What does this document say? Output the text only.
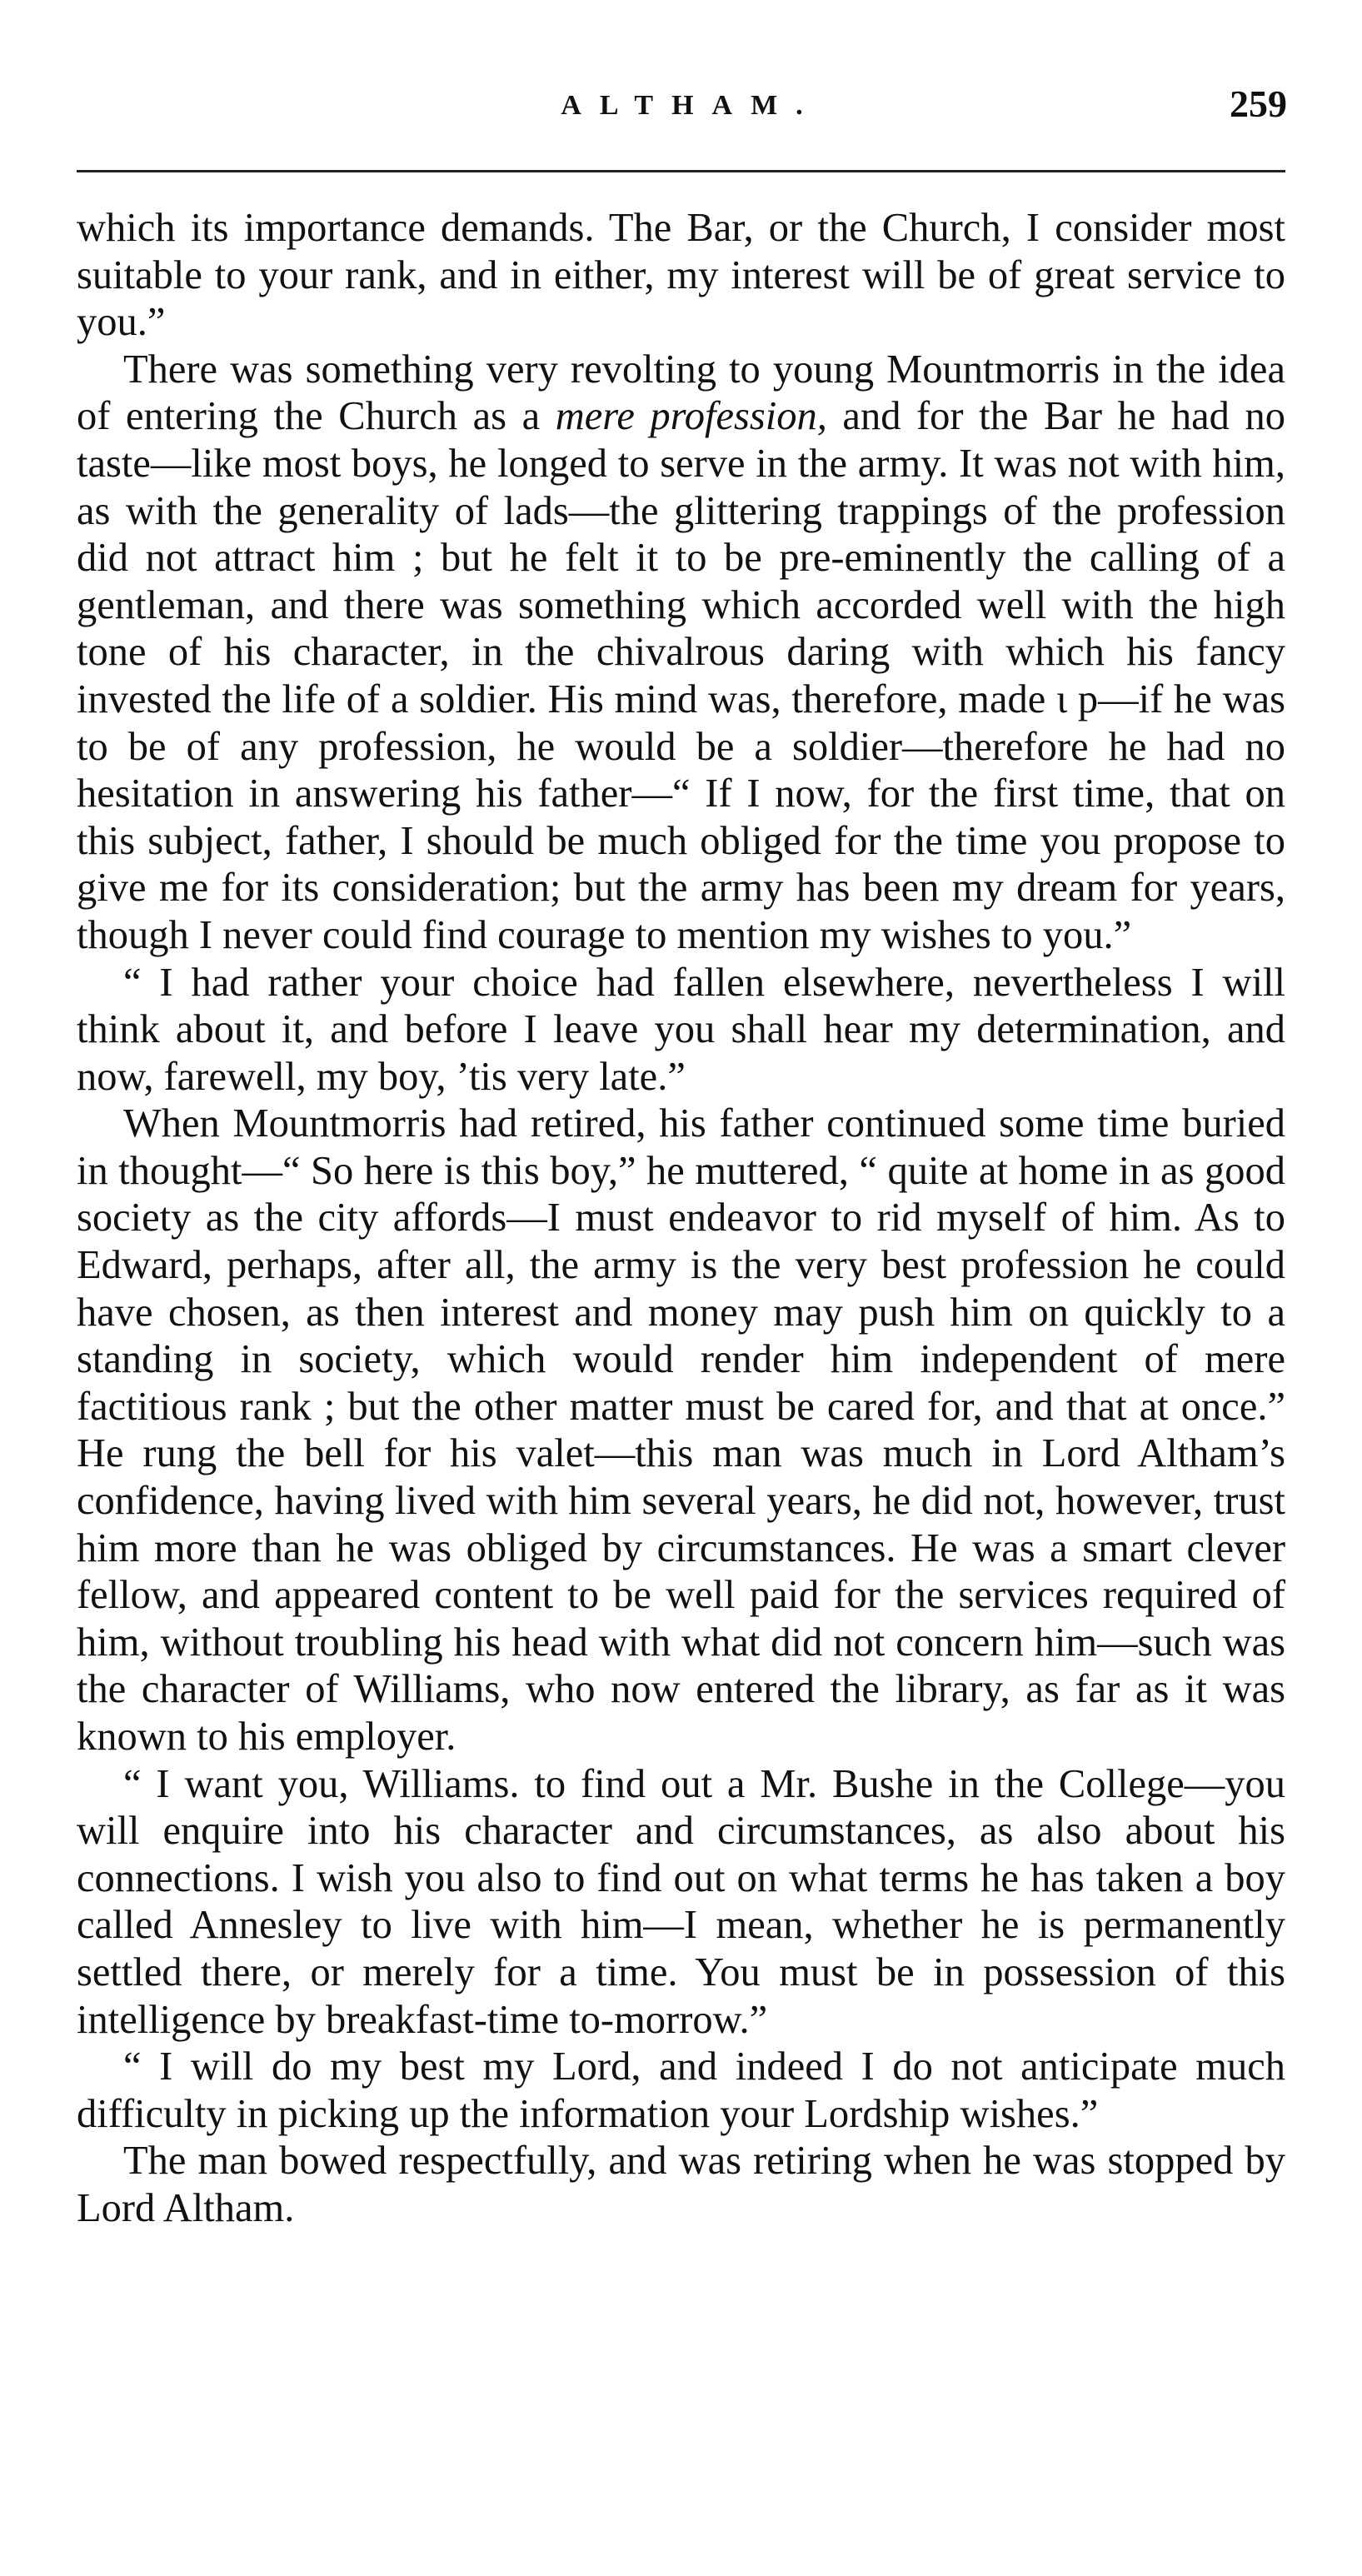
ALTHAM.	259

which its importance demands. The Bar, or the Church, I consider most suitable to your rank, and in either, my interest will be of great service to you.”

There was something very revolting to young Mountmorris in the idea of entering the Church as a mere profession, and for the Bar he had no taste—like most boys, he longed to serve in the army. It was not with him, as with the generality of lads—the glittering trappings of the profession did not attract him ; but he felt it to be pre-eminently the calling of a gentleman, and there was something which accorded well with the high tone of his character, in the chivalrous daring with which his fancy invested the life of a soldier. His mind was, therefore, made ι p—if he was to be of any profession, he would be a soldier—therefore he had no hesitation in answering his father—“ If I now, for the first time, that on this subject, father, I should be much obliged for the time you propose to give me for its consideration; but the army has been my dream for years, though I never could find courage to mention my wishes to you.”

“ I had rather your choice had fallen elsewhere, nevertheless I will think about it, and before I leave you shall hear my determination, and now, farewell, my boy, ’tis very late.”

When Mountmorris had retired, his father continued some time buried in thought—“ So here is this boy,” he muttered, “ quite at home in as good society as the city affords—I must endeavor to rid myself of him. As to Edward, perhaps, after all, the army is the very best profession he could have chosen, as then interest and money may push him on quickly to a standing in society, which would render him independent of mere factitious rank ; but the other matter must be cared for, and that at once.” He rung the bell for his valet—this man was much in Lord Altham’s confidence, having lived with him several years, he did not, however, trust him more than he was obliged by circumstances. He was a smart clever fellow, and appeared content to be well paid for the services required of him, without troubling his head with what did not concern him—such was the character of Williams, who now entered the library, as far as it was known to his employer.

“ I want you, Williams. to find out a Mr. Bushe in the College—you will enquire into his character and circumstances, as also about his connections. I wish you also to find out on what terms he has taken a boy called Annesley to live with him—I mean, whether he is permanently settled there, or merely for a time. You must be in possession of this intelligence by breakfast-time to-morrow.”

“ I will do my best my Lord, and indeed I do not anticipate much difficulty in picking up the information your Lordship wishes.”

The man bowed respectfully, and was retiring when he was stopped by Lord Altham.
